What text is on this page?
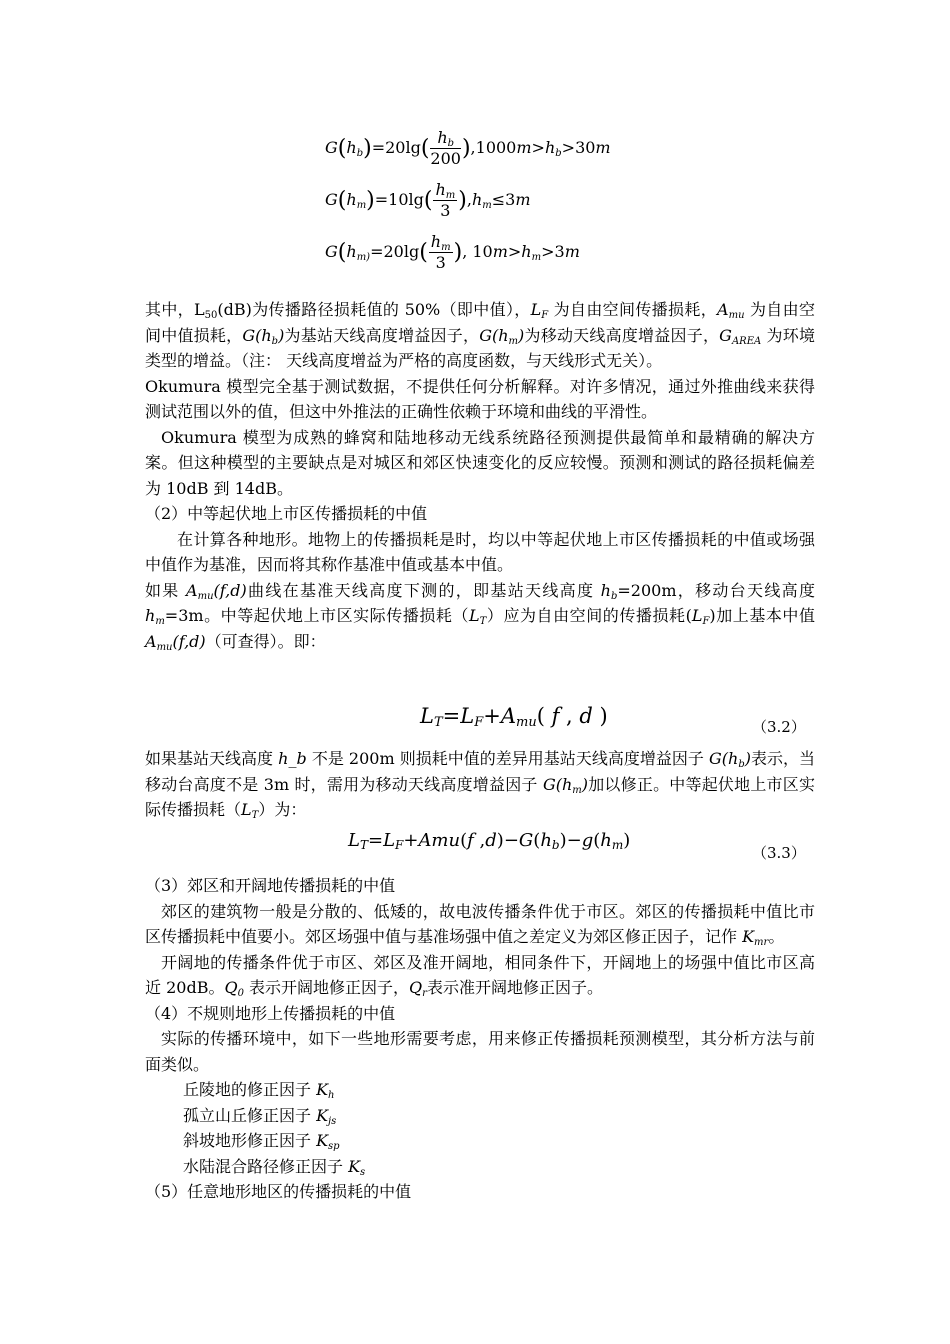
$G(h_b)=20\lg( \frac{h_b}{200} ),1000m>h_b>30m$
$G(h_m)=10\lg( \frac{h_m}{3} ),h_m\le 3m$
$G(h_{m)}=20\lg( \frac{h_m}{3}$ ), $10m>h_m>3m$

其中，$L_{50}(dB)$为传播路径损耗值的 50%（即中值），$L_F$ 为自由空间传播损耗，$A_{mu}$ 为自由空间中值损耗，$G(h_b)$为基站天线高度增益因子，$G(h_m)$为移动天线高度增益因子，$G_{AREA}$ 为环境类型的增益。（注： 天线高度增益为严格的高度函数，与天线形式无关）。

Okumura 模型完全基于测试数据，不提供任何分析解释。对许多情况，通过外推曲线来获得测试范围以外的值，但这中外推法的正确性依赖于环境和曲线的平滑性。

Okumura 模型为成熟的蜂窝和陆地移动无线系统路径预测提供最简单和最精确的解决方案。但这种模型的主要缺点是对城区和郊区快速变化的反应较慢。预测和测试的路径损耗偏差为 10dB 到 14dB。

（2）中等起伏地上市区传播损耗的中值

在计算各种地形。地物上的传播损耗是时，均以中等起伏地上市区传播损耗的中值或场强中值作为基准，因而将其称作基准中值或基本中值。

如果 $A_{mu}(f,d)$曲线在基准天线高度下测的，即基站天线高度 $h_b=200m$，移动台天线高度 $h_m=3m$。中等起伏地上市区实际传播损耗$(L_T)$应为自由空间的传播损耗$(L_F)$加上基本中值 $A_{mu}(f,d)$（可查得）。即：

$L_T=L_F+A_{mu}$( f , d )	（3.2）

如果基站天线高度 h_b 不是 200m 则损耗中值的差异用基站天线高度增益因子 $G(h_b)$表示，当移动台高度不是 3m 时，需用为移动天线高度增益因子 $G(h_m)$加以修正。中等起伏地上市区实际传播损耗$(L_T)$为：

$L_T=L_F+Amu(f$ $,d)-G(h_b)-g(h_m)$
（3.3）

（3）郊区和开阔地传播损耗的中值

郊区的建筑物一般是分散的、低矮的，故电波传播条件优于市区。郊区的传播损耗中值比市区传播损耗中值要小。郊区场强中值与基准场强中值之差定义为郊区修正因子，记作 $K_{mr}$。

开阔地的传播条件优于市区、郊区及准开阔地，相同条件下，开阔地上的场强中值比市区高近 20dB。$Q_0$ 表示开阔地修正因子，$Q_r$表示准开阔地修正因子。

（4）不规则地形上传播损耗的中值

实际的传播环境中，如下一些地形需要考虑，用来修正传播损耗预测模型，其分析方法与前面类似。

丘陵地的修正因子 $K_h$

孤立山丘修正因子 $K_{js}$

斜坡地形修正因子 $K_{sp}$

水陆混合路径修正因子 $K_s$

（5）任意地形地区的传播损耗的中值
